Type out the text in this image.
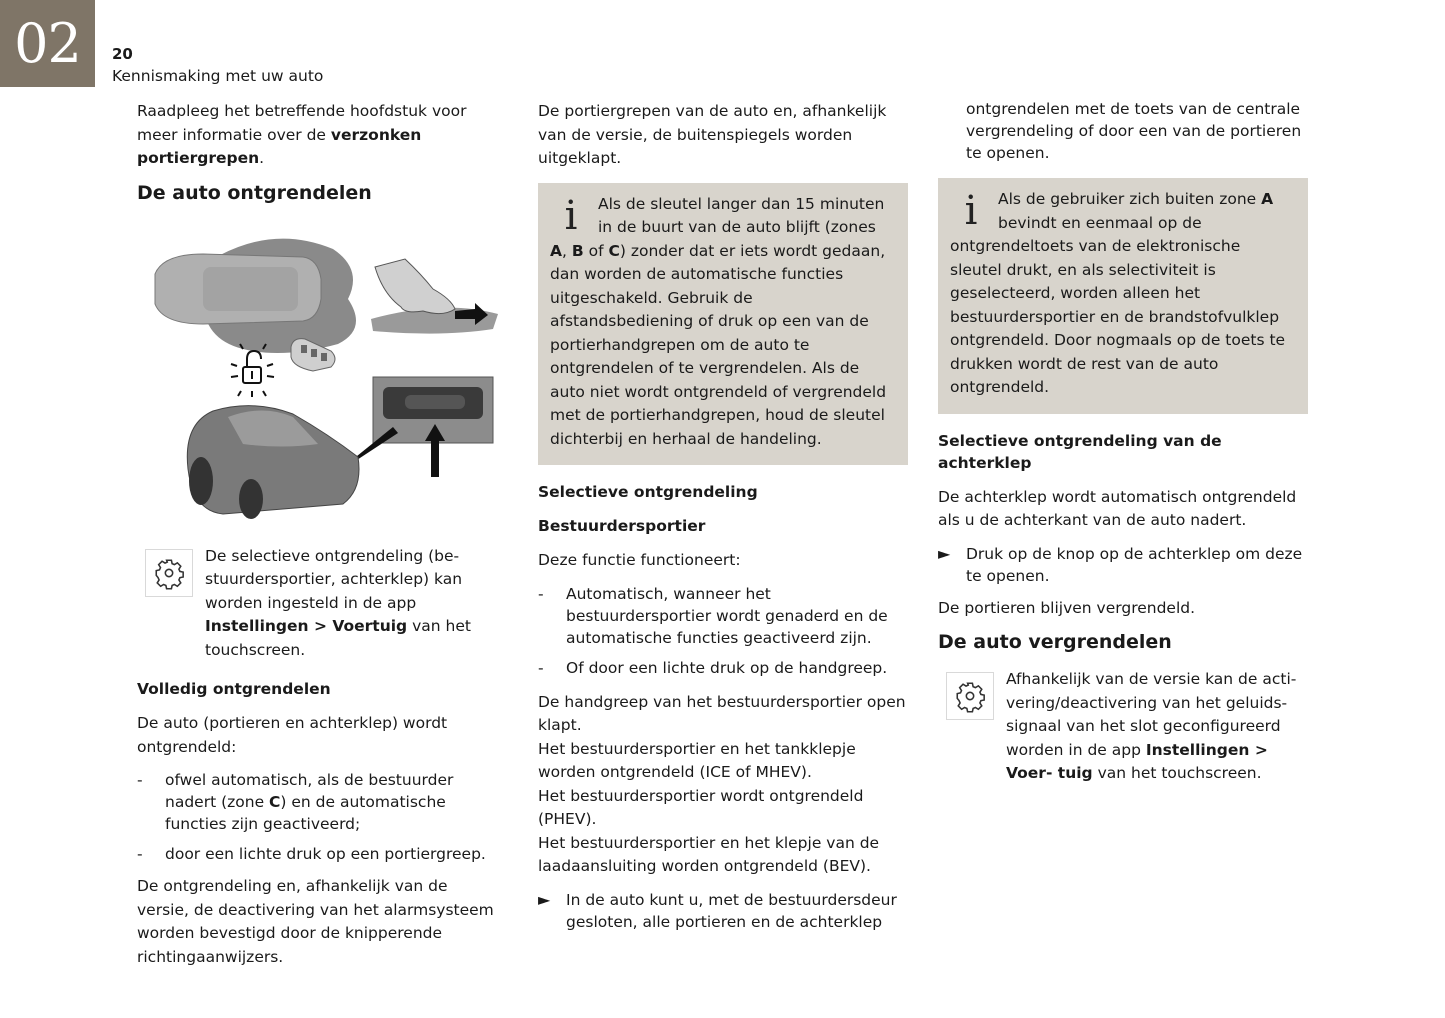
02	20
Kennismaking met uw auto

Raadpleeg het betreffende hoofdstuk voor meer informatie over de verzonken portiergrepen.

De auto ontgrendelen
De selectieve ontgrendeling (be- stuurdersportier, achterklep) kan worden ingesteld in de app Instellingen > Voertuig van het touchscreen.
Volledig ontgrendelen

De auto (portieren en achterklep) wordt ontgrendeld:

- ofwel automatisch, als de bestuurder nadert (zone C) en de automatische functies zijn geactiveerd;
- door een lichte druk op een portiergreep.

De ontgrendeling en, afhankelijk van de versie, de deactivering van het alarmsysteem worden bevestigd door de knipperende richtingaanwijzers.

De portiergrepen van de auto en, afhankelijk van de versie, de buitenspiegels worden uitgeklapt.

i	Als de sleutel langer dan 15 minuten in de buurt van de auto blijft (zones A, B of C) zonder dat er iets wordt gedaan, dan worden de automatische functies uitgeschakeld. Gebruik de afstandsbediening of druk op een van de portierhandgrepen om de auto te ontgrendelen of te vergrendelen. Als de auto niet wordt ontgrendeld of vergrendeld met de portierhandgrepen, houd de sleutel dichterbij en herhaal de handeling.
Selectieve ontgrendeling
Bestuurdersportier

Deze functie functioneert:

- Automatisch, wanneer het bestuurdersportier wordt genaderd en de automatische functies geactiveerd zijn.
- Of door een lichte druk op de handgreep.

De handgreep van het bestuurdersportier open klapt.
Het bestuurdersportier en het tankklepje worden ontgrendeld (ICE of MHEV).
Het bestuurdersportier wordt ontgrendeld (PHEV).
Het bestuurdersportier en het klepje van de laadaansluiting worden ontgrendeld (BEV).

►	In de auto kunt u, met de bestuurdersdeur gesloten, alle portieren en de achterklep
ontgrendelen met de toets van de centrale vergrendeling of door een van de portieren te openen.
i	Als de gebruiker zich buiten zone A bevindt en eenmaal op de ontgrendeltoets van de elektronische sleutel drukt, en als selectiviteit is geselecteerd, worden alleen het bestuurdersportier en de brandstofvulklep ontgrendeld. Door nogmaals op de toets te drukken wordt de rest van de auto ontgrendeld.
Selectieve ontgrendeling van de achterklep

De achterklep wordt automatisch ontgrendeld als u de achterkant van de auto nadert.

►	Druk op de knop op de achterklep om deze te openen.

De portieren blijven vergrendeld.

De auto vergrendelen
Afhankelijk van de versie kan de acti- vering/deactivering van het geluids- signaal van het slot geconfigureerd worden in de app Instellingen > Voer- tuig van het touchscreen.
